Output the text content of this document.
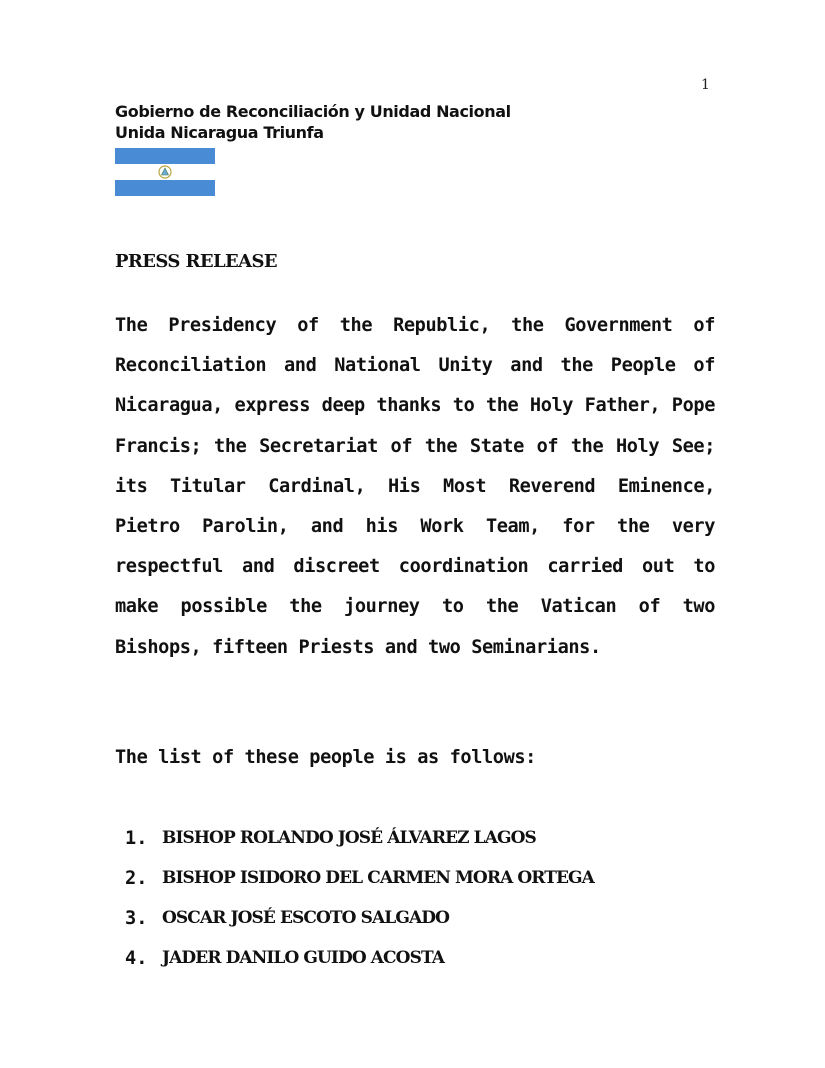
1
Gobierno de Reconciliación y Unidad Nacional
Unida Nicaragua Triunfa
PRESS RELEASE
The Presidency of the Republic, the Government of Reconciliation and National Unity and the People of Nicaragua, express deep thanks to the Holy Father, Pope Francis; the Secretariat of the State of the Holy See; its Titular Cardinal, His Most Reverend Eminence, Pietro Parolin, and his Work Team, for the very respectful and discreet coordination carried out to make possible the journey to the Vatican of two Bishops, fifteen Priests and two Seminarians.
The list of these people is as follows:
1. BISHOP ROLANDO JOSÉ ÁLVAREZ LAGOS
2. BISHOP ISIDORO DEL CARMEN MORA ORTEGA
3. OSCAR JOSÉ ESCOTO SALGADO
4. JADER DANILO GUIDO ACOSTA
